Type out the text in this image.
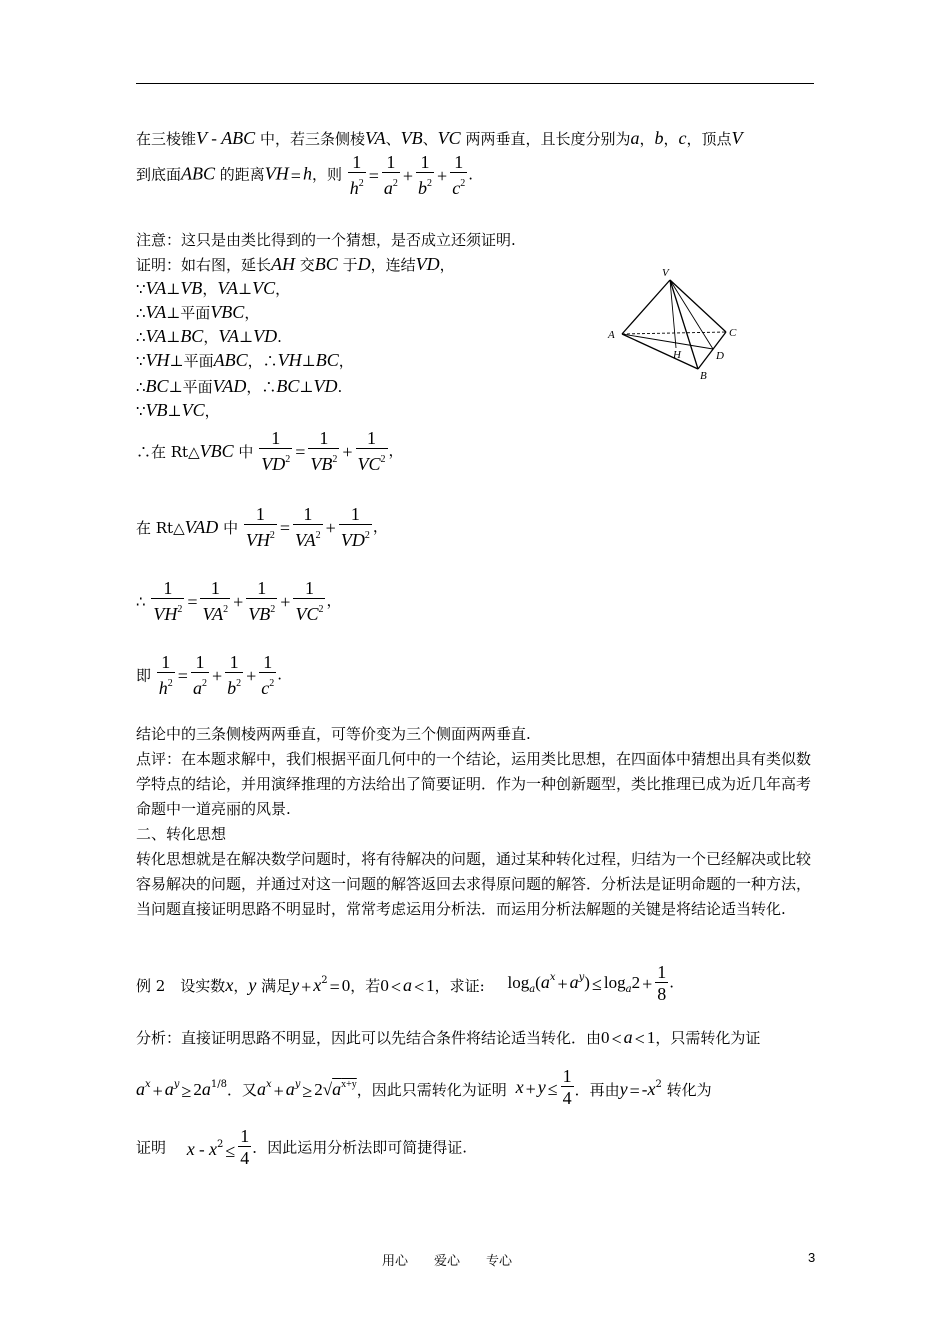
在三棱锥V - ABC 中，若三条侧棱VA、VB、VC 两两垂直，且长度分别为a，b，c，顶点V
到底面ABC 的距离VH = h，则 $\frac{1}{h^2} = \frac{1}{a^2} + \frac{1}{b^2} + \frac{1}{c^2}$ .
注意：这只是由类比得到的一个猜想，是否成立还须证明.
证明：如右图，延长AH 交BC 于D，连结VD，
∵VA⊥VB，VA⊥VC，
∴VA⊥平面VBC，
∴VA⊥BC，VA⊥VD.
∵VH⊥平面ABC，∴VH⊥BC，
∴BC⊥平面VAD，∴BC⊥VD.
∵VB⊥VC，
∴在 Rt△VBC 中 $\frac{1}{VD^2} = \frac{1}{VB^2} + \frac{1}{VC^2}$ ，
在 Rt△VAD 中 $\frac{1}{VH^2} = \frac{1}{VA^2} + \frac{1}{VD^2}$ ，
∴ $\frac{1}{VH^2} = \frac{1}{VA^2} + \frac{1}{VB^2} + \frac{1}{VC^2}$ ，
即 $\frac{1}{h^2} = \frac{1}{a^2} + \frac{1}{b^2} + \frac{1}{c^2}$ .
V
A	C
H	D
B
结论中的三条侧棱两两垂直，可等价变为三个侧面两两垂直.
点评：在本题求解中，我们根据平面几何中的一个结论，运用类比思想，在四面体中猜想出具有类似数学特点的结论，并用演绎推理的方法给出了简要证明．作为一种创新题型，类比推理已成为近几年高考命题中一道亮丽的风景.
二、转化思想
转化思想就是在解决数学问题时，将有待解决的问题，通过某种转化过程，归结为一个已经解决或比较容易解决的问题，并通过对这一问题的解答返回去求得原问题的解答．分析法是证明命题的一种方法，当问题直接证明思路不明显时，常常考虑运用分析法．而运用分析法解题的关键是将结论适当转化.
例 2　设实数x，y 满足$y + x^2 = 0$，若0 < a < 1，求证: $\log_a(a^x + a^y) \le \log_a2 + \frac{1}{8}$ .
分析：直接证明思路不明显，因此可以先结合条件将结论适当转化．由0 < a < 1，只需转化为证
$a^x + a^y \ge 2a^{1/8}$．又$a^x + a^y \ge 2√a^{x+y}$，因此只需转化为证明 $x + y \le \frac{1}{4}$ ．再由$y = -x^2$ 转化为
证明 $x - x^2 \le \frac{1}{4}$ ．因此运用分析法即可简捷得证.
用心　　爱心　　专心	3
